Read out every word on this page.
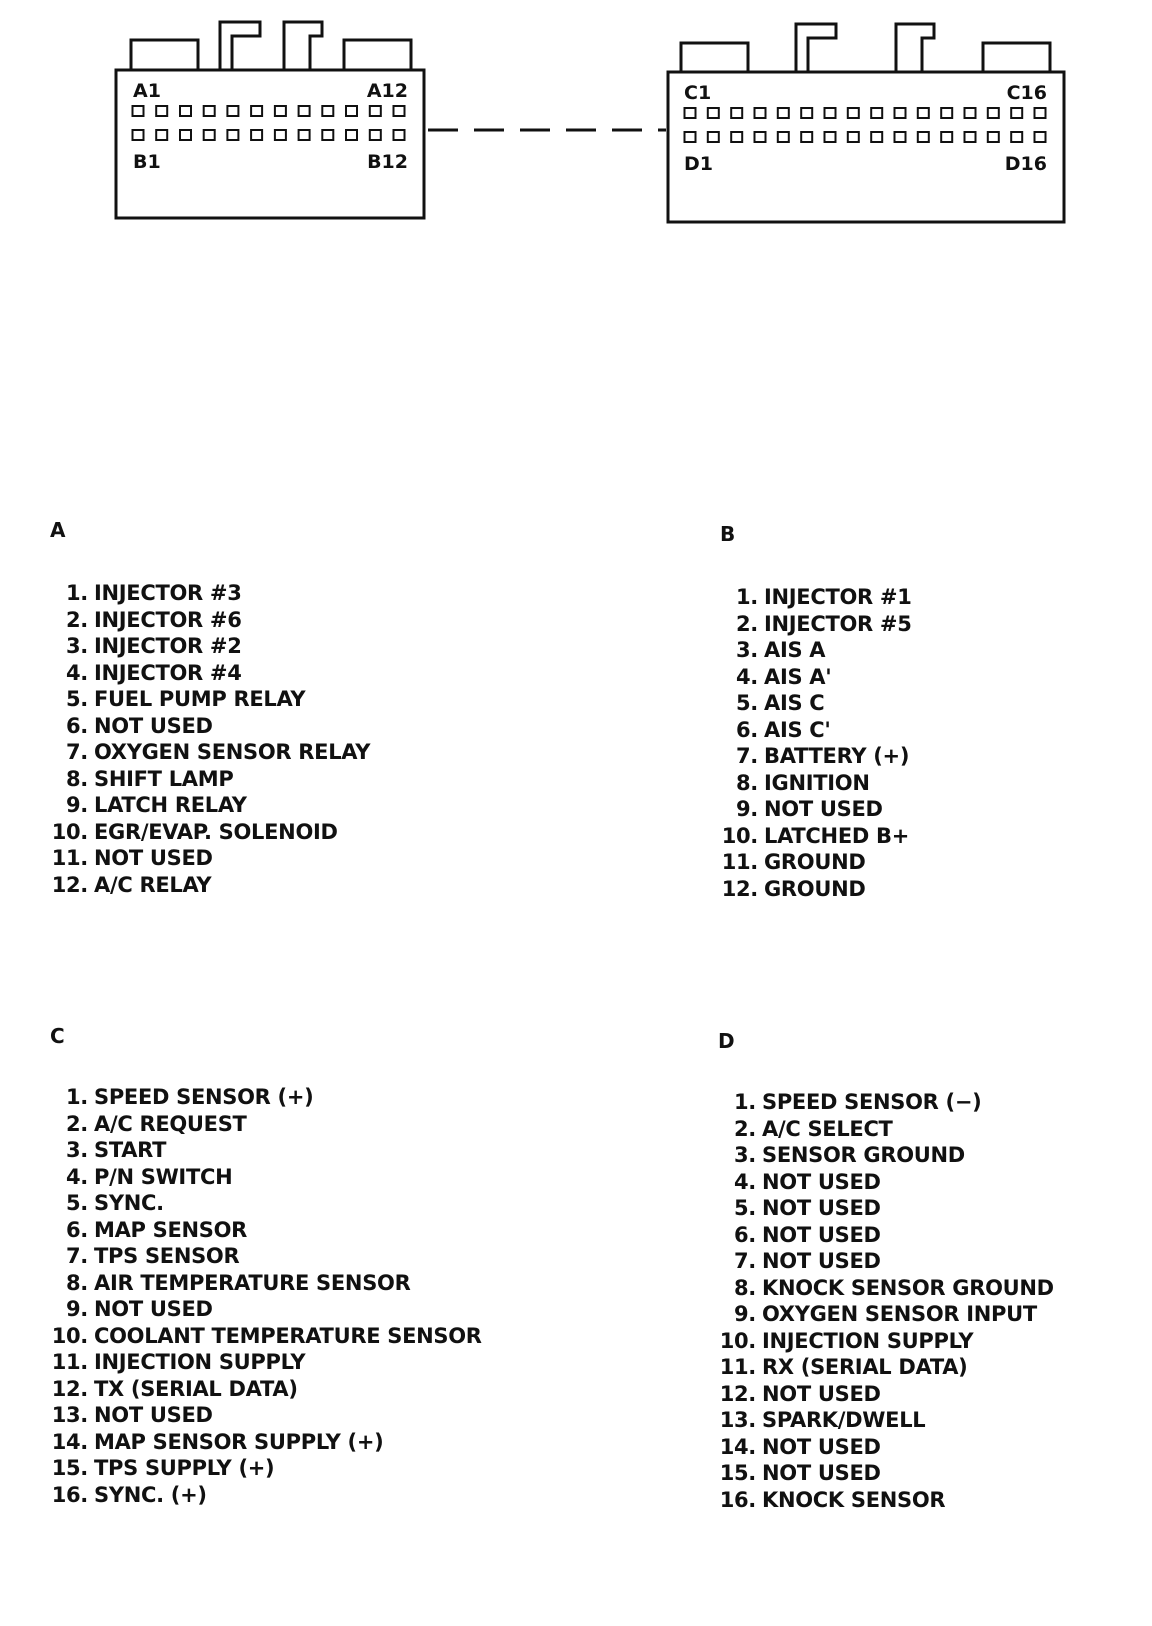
A1	A12
B1	B12
C1	C16
D1	D16
A
1. INJECTOR #3
2. INJECTOR #6
3. INJECTOR #2
4. INJECTOR #4
5. FUEL PUMP RELAY
6. NOT USED
7. OXYGEN SENSOR RELAY
8. SHIFT LAMP
9. LATCH RELAY
10. EGR/EVAP. SOLENOID
11. NOT USED
12. A/C RELAY
B
1. INJECTOR #1
2. INJECTOR #5
3. AIS A
4. AIS A'
5. AIS C
6. AIS C'
7. BATTERY (+)
8. IGNITION
9. NOT USED
10. LATCHED B+
11. GROUND
12. GROUND
C
1. SPEED SENSOR (+)
2. A/C REQUEST
3. START
4. P/N SWITCH
5. SYNC.
6. MAP SENSOR
7. TPS SENSOR
8. AIR TEMPERATURE SENSOR
9. NOT USED
10. COOLANT TEMPERATURE SENSOR
11. INJECTION SUPPLY
12. TX (SERIAL DATA)
13. NOT USED
14. MAP SENSOR SUPPLY (+)
15. TPS SUPPLY (+)
16. SYNC. (+)
D
1. SPEED SENSOR (−)
2. A/C SELECT
3. SENSOR GROUND
4. NOT USED
5. NOT USED
6. NOT USED
7. NOT USED
8. KNOCK SENSOR GROUND
9. OXYGEN SENSOR INPUT
10. INJECTION SUPPLY
11. RX (SERIAL DATA)
12. NOT USED
13. SPARK/DWELL
14. NOT USED
15. NOT USED
16. KNOCK SENSOR
